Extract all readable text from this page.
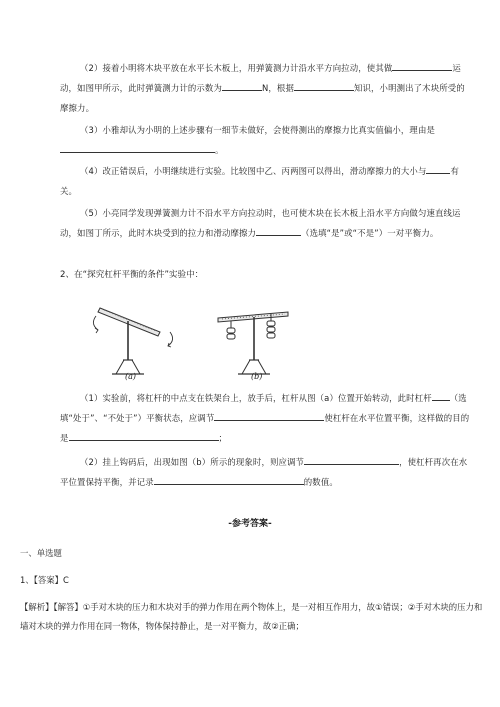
（2）接着小明将木块平放在水平长木板上，用弹簧测力计沿水平方向拉动，使其做	运动，如图甲所示，此时弹簧测力计的示数为	N，根据	知识，小明测出了木块所受的摩擦力。

（3）小雅却认为小明的上述步骤有一细节未做好，会使得测出的摩擦力比真实值偏小，理由是。

（4）改正错误后，小明继续进行实验。比较图中乙、丙两图可以得出，滑动摩擦力的大小与	有关。

（5）小亮同学发现弹簧测力计不沿水平方向拉动时，也可使木块在长木板上沿水平方向做匀速直线运动，如图丁所示，此时木块受到的拉力和滑动摩擦力	（选填“是”或“不是”）一对平衡力。

2、在“探究杠杆平衡的条件”实验中：
(a)	(b)

（1）实验前，将杠杆的中点支在铁架台上，放手后，杠杆从图（a）位置开始转动，此时杠杆 （选填“处于”、“不处于”）平衡状态，应调节	使杠杆在水平位置平衡，这样做的目的是	；

（2）挂上钩码后，出现如图（b）所示的现象时，则应调节	，使杠杆再次在水平位置保持平衡，并记录	的数值。

-参考答案-
一、单选题
1、【答案】C

【解析】【解答】①手对木块的压力和木块对手的弹力作用在两个物体上，是一对相互作用力，故①错误；②手对木块的压力和墙对木块的弹力作用在同一物体，物体保持静止，是一对平衡力，故②正确；
